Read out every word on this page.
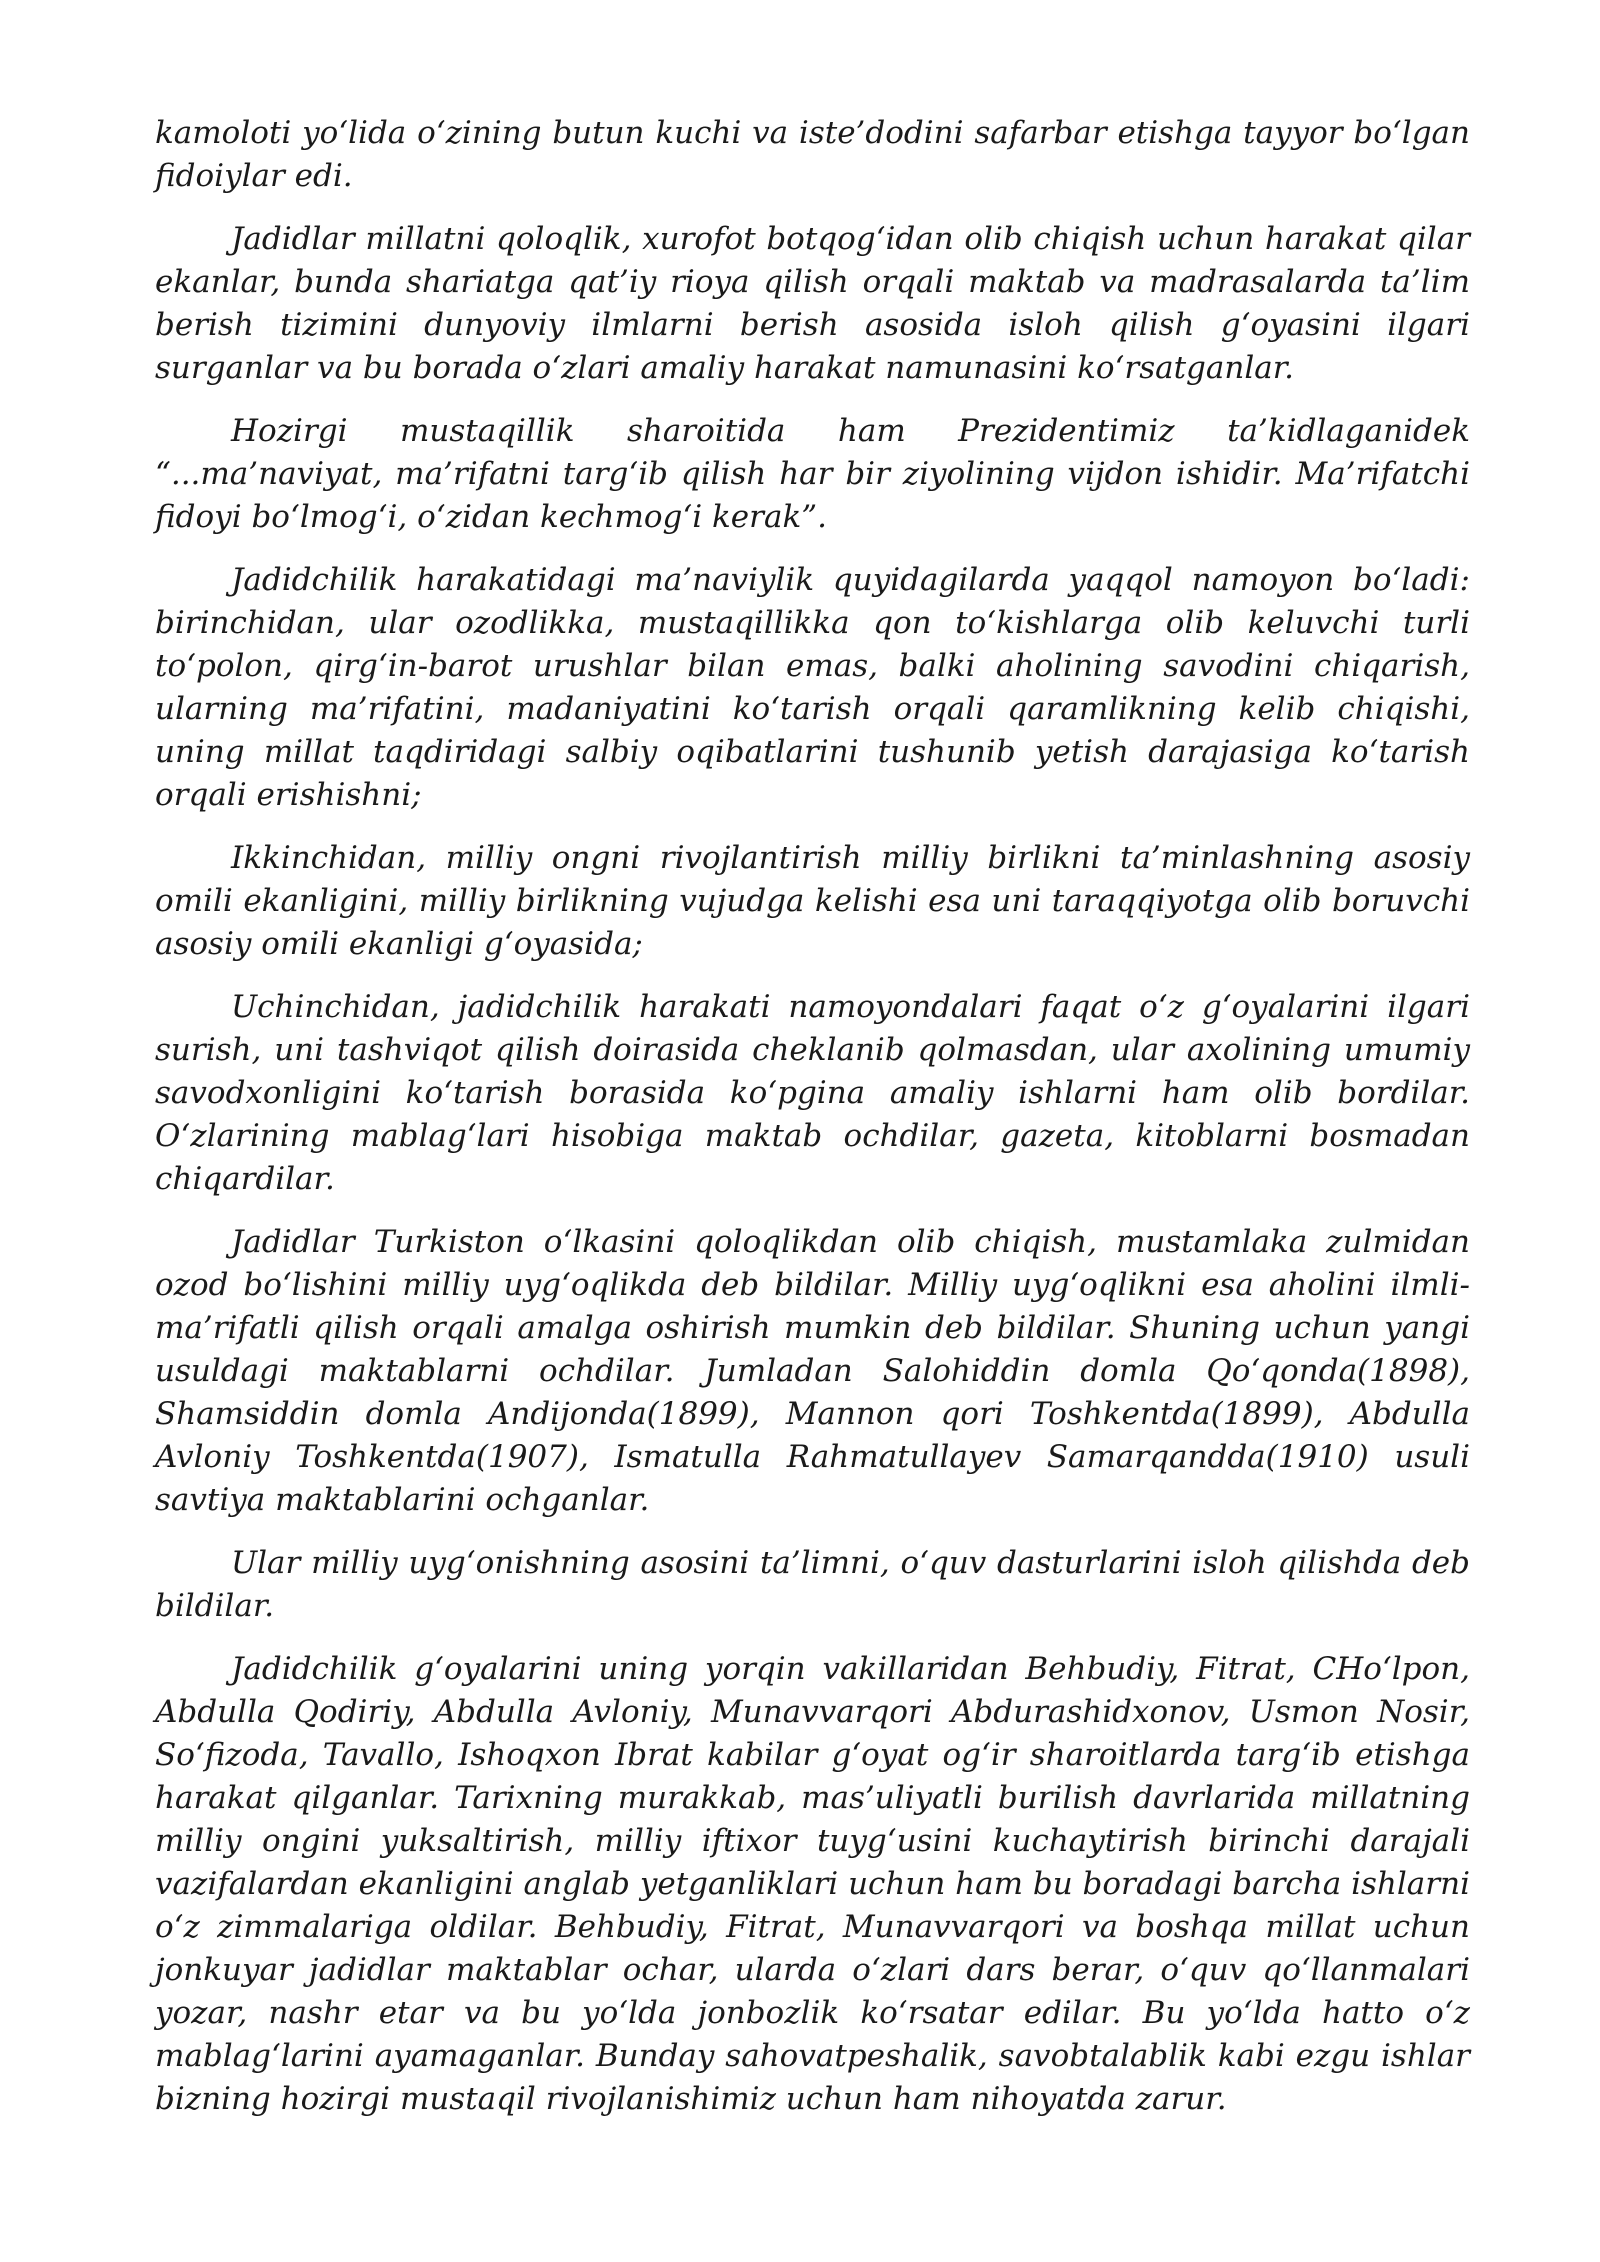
kamoloti yo‘lida o‘zining butun kuchi va iste’dodini safarbar etishga tayyor bo‘lgan fidoiylar edi.

Jadidlar millatni qoloqlik, xurofot botqog‘idan olib chiqish uchun harakat qilar ekanlar, bunda shariatga qat’iy rioya qilish orqali maktab va madrasalarda ta’lim berish tizimini dunyoviy ilmlarni berish asosida isloh qilish g‘oyasini ilgari surganlar va bu borada o‘zlari amaliy harakat namunasini ko‘rsatganlar.

Hozirgi mustaqillik sharoitida ham Prezidentimiz ta’kidlaganidek “...ma’naviyat, ma’rifatni targ‘ib qilish har bir ziyolining vijdon ishidir. Ma’rifatchi fidoyi bo‘lmog‘i, o‘zidan kechmog‘i kerak”.

Jadidchilik harakatidagi ma’naviylik quyidagilarda yaqqol namoyon bo‘ladi: birinchidan, ular ozodlikka, mustaqillikka qon to‘kishlarga olib keluvchi turli to‘polon, qirg‘in-barot urushlar bilan emas, balki aholining savodini chiqarish, ularning ma’rifatini, madaniyatini ko‘tarish orqali qaramlikning kelib chiqishi, uning millat taqdiridagi salbiy oqibatlarini tushunib yetish darajasiga ko‘tarish orqali erishishni;

Ikkinchidan, milliy ongni rivojlantirish milliy birlikni ta’minlashning asosiy omili ekanligini, milliy birlikning vujudga kelishi esa uni taraqqiyotga olib boruvchi asosiy omili ekanligi g‘oyasida;

Uchinchidan, jadidchilik harakati namoyondalari faqat o‘z g‘oyalarini ilgari surish, uni tashviqot qilish doirasida cheklanib qolmasdan, ular axolining umumiy savodxonligini ko‘tarish borasida ko‘pgina amaliy ishlarni ham olib bordilar. O‘zlarining mablag‘lari hisobiga maktab ochdilar, gazeta, kitoblarni bosmadan chiqardilar.

Jadidlar Turkiston o‘lkasini qoloqlikdan olib chiqish, mustamlaka zulmidan ozod bo‘lishini milliy uyg‘oqlikda deb bildilar. Milliy uyg‘oqlikni esa aholini ilmli-ma’rifatli qilish orqali amalga oshirish mumkin deb bildilar. Shuning uchun yangi usuldagi maktablarni ochdilar. Jumladan Salohiddin domla Qo‘qonda(1898), Shamsiddin domla Andijonda(1899), Mannon qori Toshkentda(1899), Abdulla Avloniy Toshkentda(1907), Ismatulla Rahmatullayev Samarqandda(1910) usuli savtiya maktablarini ochganlar.

Ular milliy uyg‘onishning asosini ta’limni, o‘quv dasturlarini isloh qilishda deb bildilar.

Jadidchilik g‘oyalarini uning yorqin vakillaridan Behbudiy, Fitrat, CHo‘lpon, Abdulla Qodiriy, Abdulla Avloniy, Munavvarqori Abdurashidxonov, Usmon Nosir, So‘fizoda, Tavallo, Ishoqxon Ibrat kabilar g‘oyat og‘ir sharoitlarda targ‘ib etishga harakat qilganlar. Tarixning murakkab, mas’uliyatli burilish davrlarida millatning milliy ongini yuksaltirish, milliy iftixor tuyg‘usini kuchaytirish birinchi darajali vazifalardan ekanligini anglab yetganliklari uchun ham bu boradagi barcha ishlarni o‘z zimmalariga oldilar. Behbudiy, Fitrat, Munavvarqori va boshqa millat uchun jonkuyar jadidlar maktablar ochar, ularda o‘zlari dars berar, o‘quv qo‘llanmalari yozar, nashr etar va bu yo‘lda jonbozlik ko‘rsatar edilar. Bu yo‘lda hatto o‘z mablag‘larini ayamaganlar. Bunday sahovatpeshalik, savobtalablik kabi ezgu ishlar bizning hozirgi mustaqil rivojlanishimiz uchun ham nihoyatda zarur.
